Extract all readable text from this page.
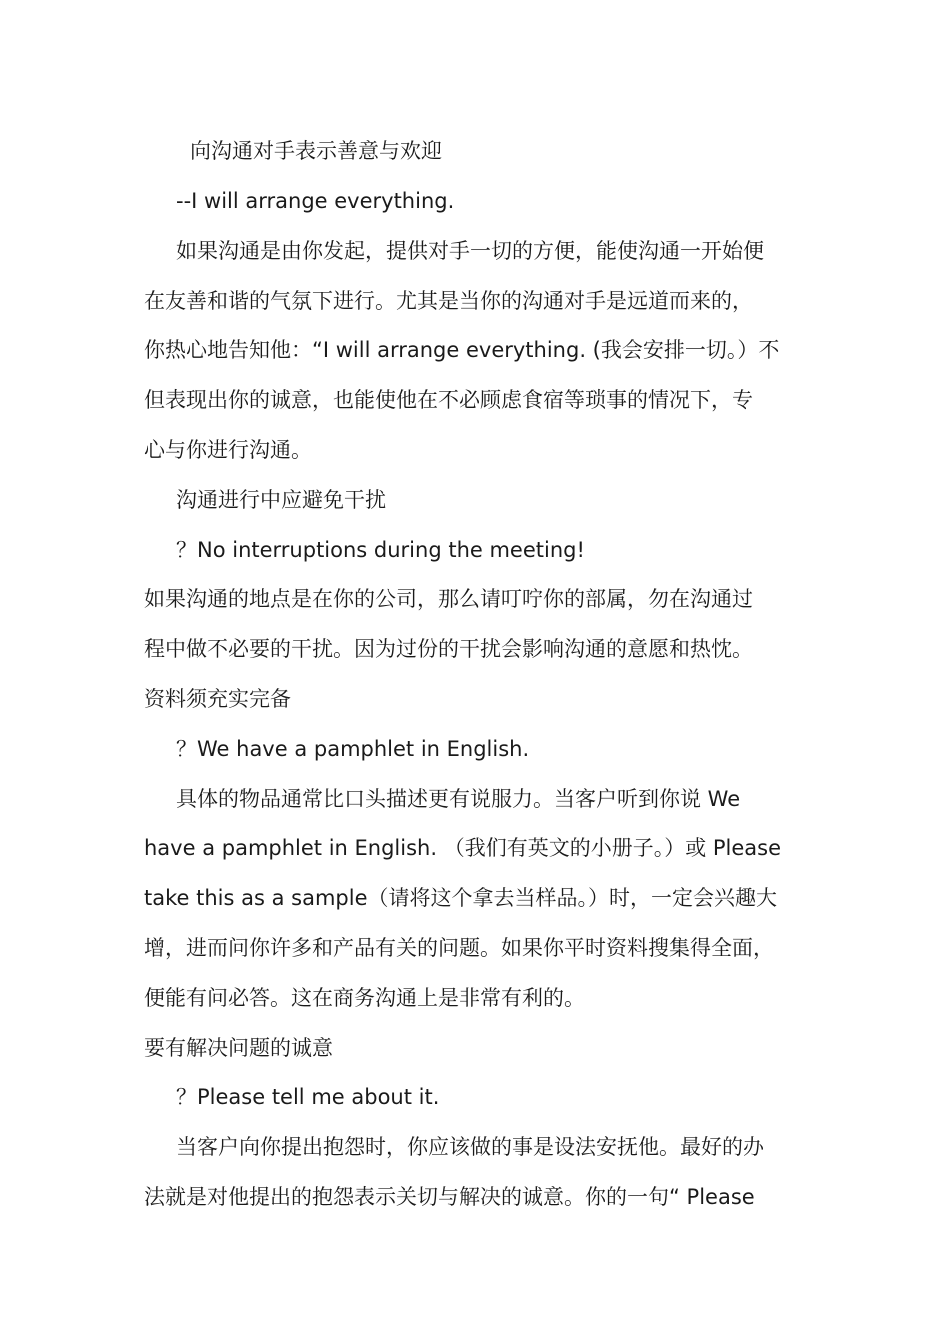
向沟通对手表示善意与欢迎

--I will arrange everything.

如果沟通是由你发起，提供对手一切的方便，能使沟通一开始便

在友善和谐的气氛下进行。尤其是当你的沟通对手是远道而来的，

你热心地告知他：“I will arrange everything. (我会安排一切。）不

但表现出你的诚意，也能使他在不必顾虑食宿等琐事的情况下，专

心与你进行沟通。

沟通进行中应避免干扰

？No interruptions during the meeting!

如果沟通的地点是在你的公司，那么请叮咛你的部属，勿在沟通过

程中做不必要的干扰。因为过份的干扰会影响沟通的意愿和热忱。

资料须充实完备

？We have a pamphlet in English.

具体的物品通常比口头描述更有说服力。当客户听到你说 We

have a pamphlet in English. （我们有英文的小册子。）或 Please

take this as a sample（请将这个拿去当样品。）时，一定会兴趣大

增，进而问你许多和产品有关的问题。如果你平时资料搜集得全面，

便能有问必答。这在商务沟通上是非常有利的。

要有解决问题的诚意

？Please tell me about it.

当客户向你提出抱怨时，你应该做的事是设法安抚他。最好的办

法就是对他提出的抱怨表示关切与解决的诚意。你的一句“ Please
